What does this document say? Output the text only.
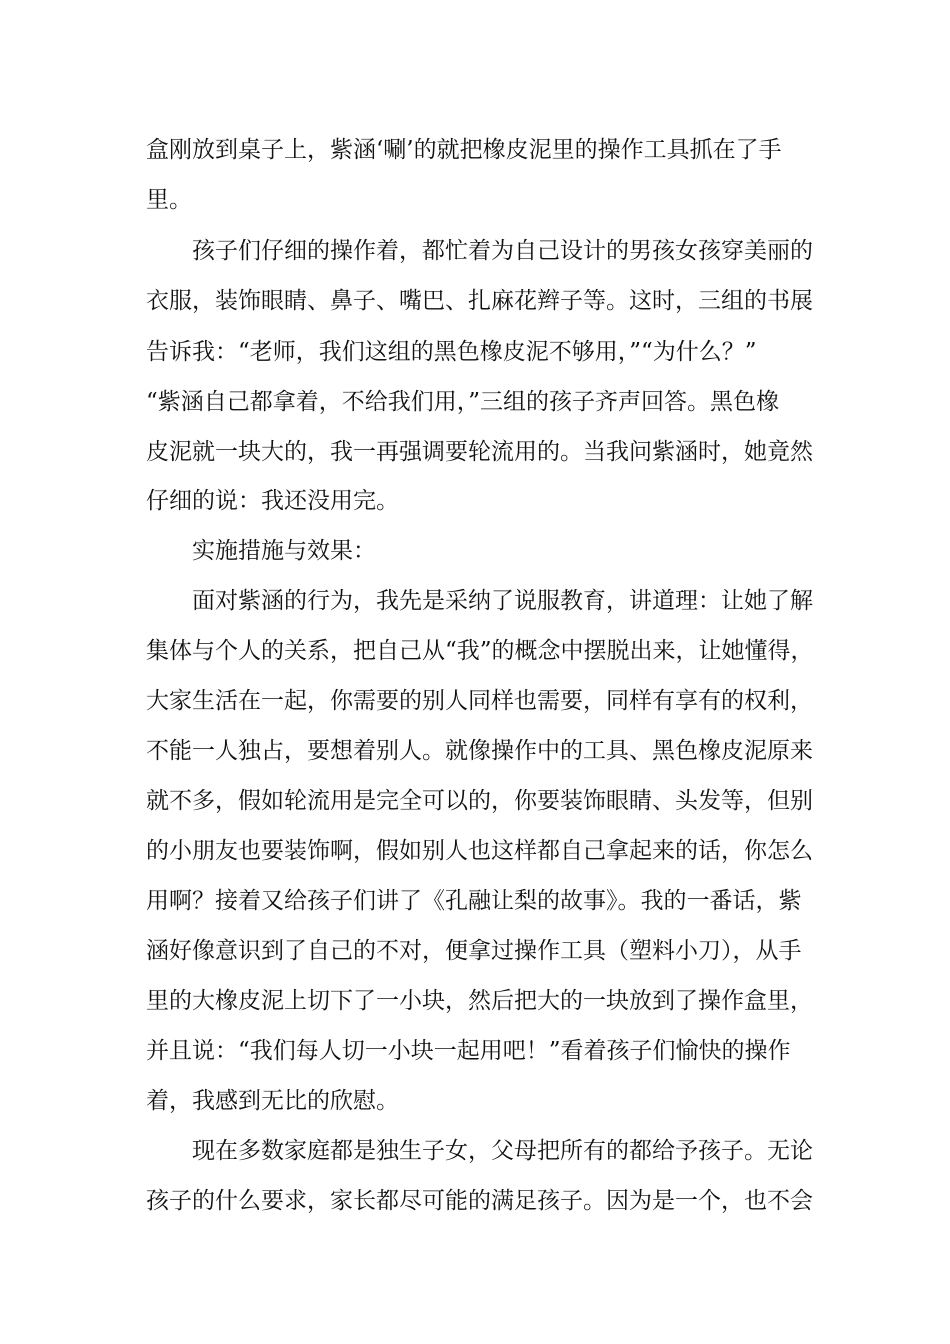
盒刚放到桌子上，紫涵‘唰’的就把橡皮泥里的操作工具抓在了手
里。
孩子们仔细的操作着，都忙着为自己设计的男孩女孩穿美丽的
衣服，装饰眼睛、鼻子、嘴巴、扎麻花辫子等。这时，三组的书展
告诉我：“老师，我们这组的黑色橡皮泥不够用，”“为什么？”
“紫涵自己都拿着，不给我们用，”三组的孩子齐声回答。黑色橡
皮泥就一块大的，我一再强调要轮流用的。当我问紫涵时，她竟然
仔细的说：我还没用完。
实施措施与效果：
面对紫涵的行为，我先是采纳了说服教育，讲道理：让她了解
集体与个人的关系，把自己从“我”的概念中摆脱出来，让她懂得，
大家生活在一起，你需要的别人同样也需要，同样有享有的权利，
不能一人独占，要想着别人。就像操作中的工具、黑色橡皮泥原来
就不多，假如轮流用是完全可以的，你要装饰眼睛、头发等，但别
的小朋友也要装饰啊，假如别人也这样都自己拿起来的话，你怎么
用啊？接着又给孩子们讲了《孔融让梨的故事》。我的一番话，紫
涵好像意识到了自己的不对，便拿过操作工具（塑料小刀），从手
里的大橡皮泥上切下了一小块，然后把大的一块放到了操作盒里，
并且说：“我们每人切一小块一起用吧！”看着孩子们愉快的操作
着，我感到无比的欣慰。
现在多数家庭都是独生子女，父母把所有的都给予孩子。无论
孩子的什么要求，家长都尽可能的满足孩子。因为是一个，也不会
